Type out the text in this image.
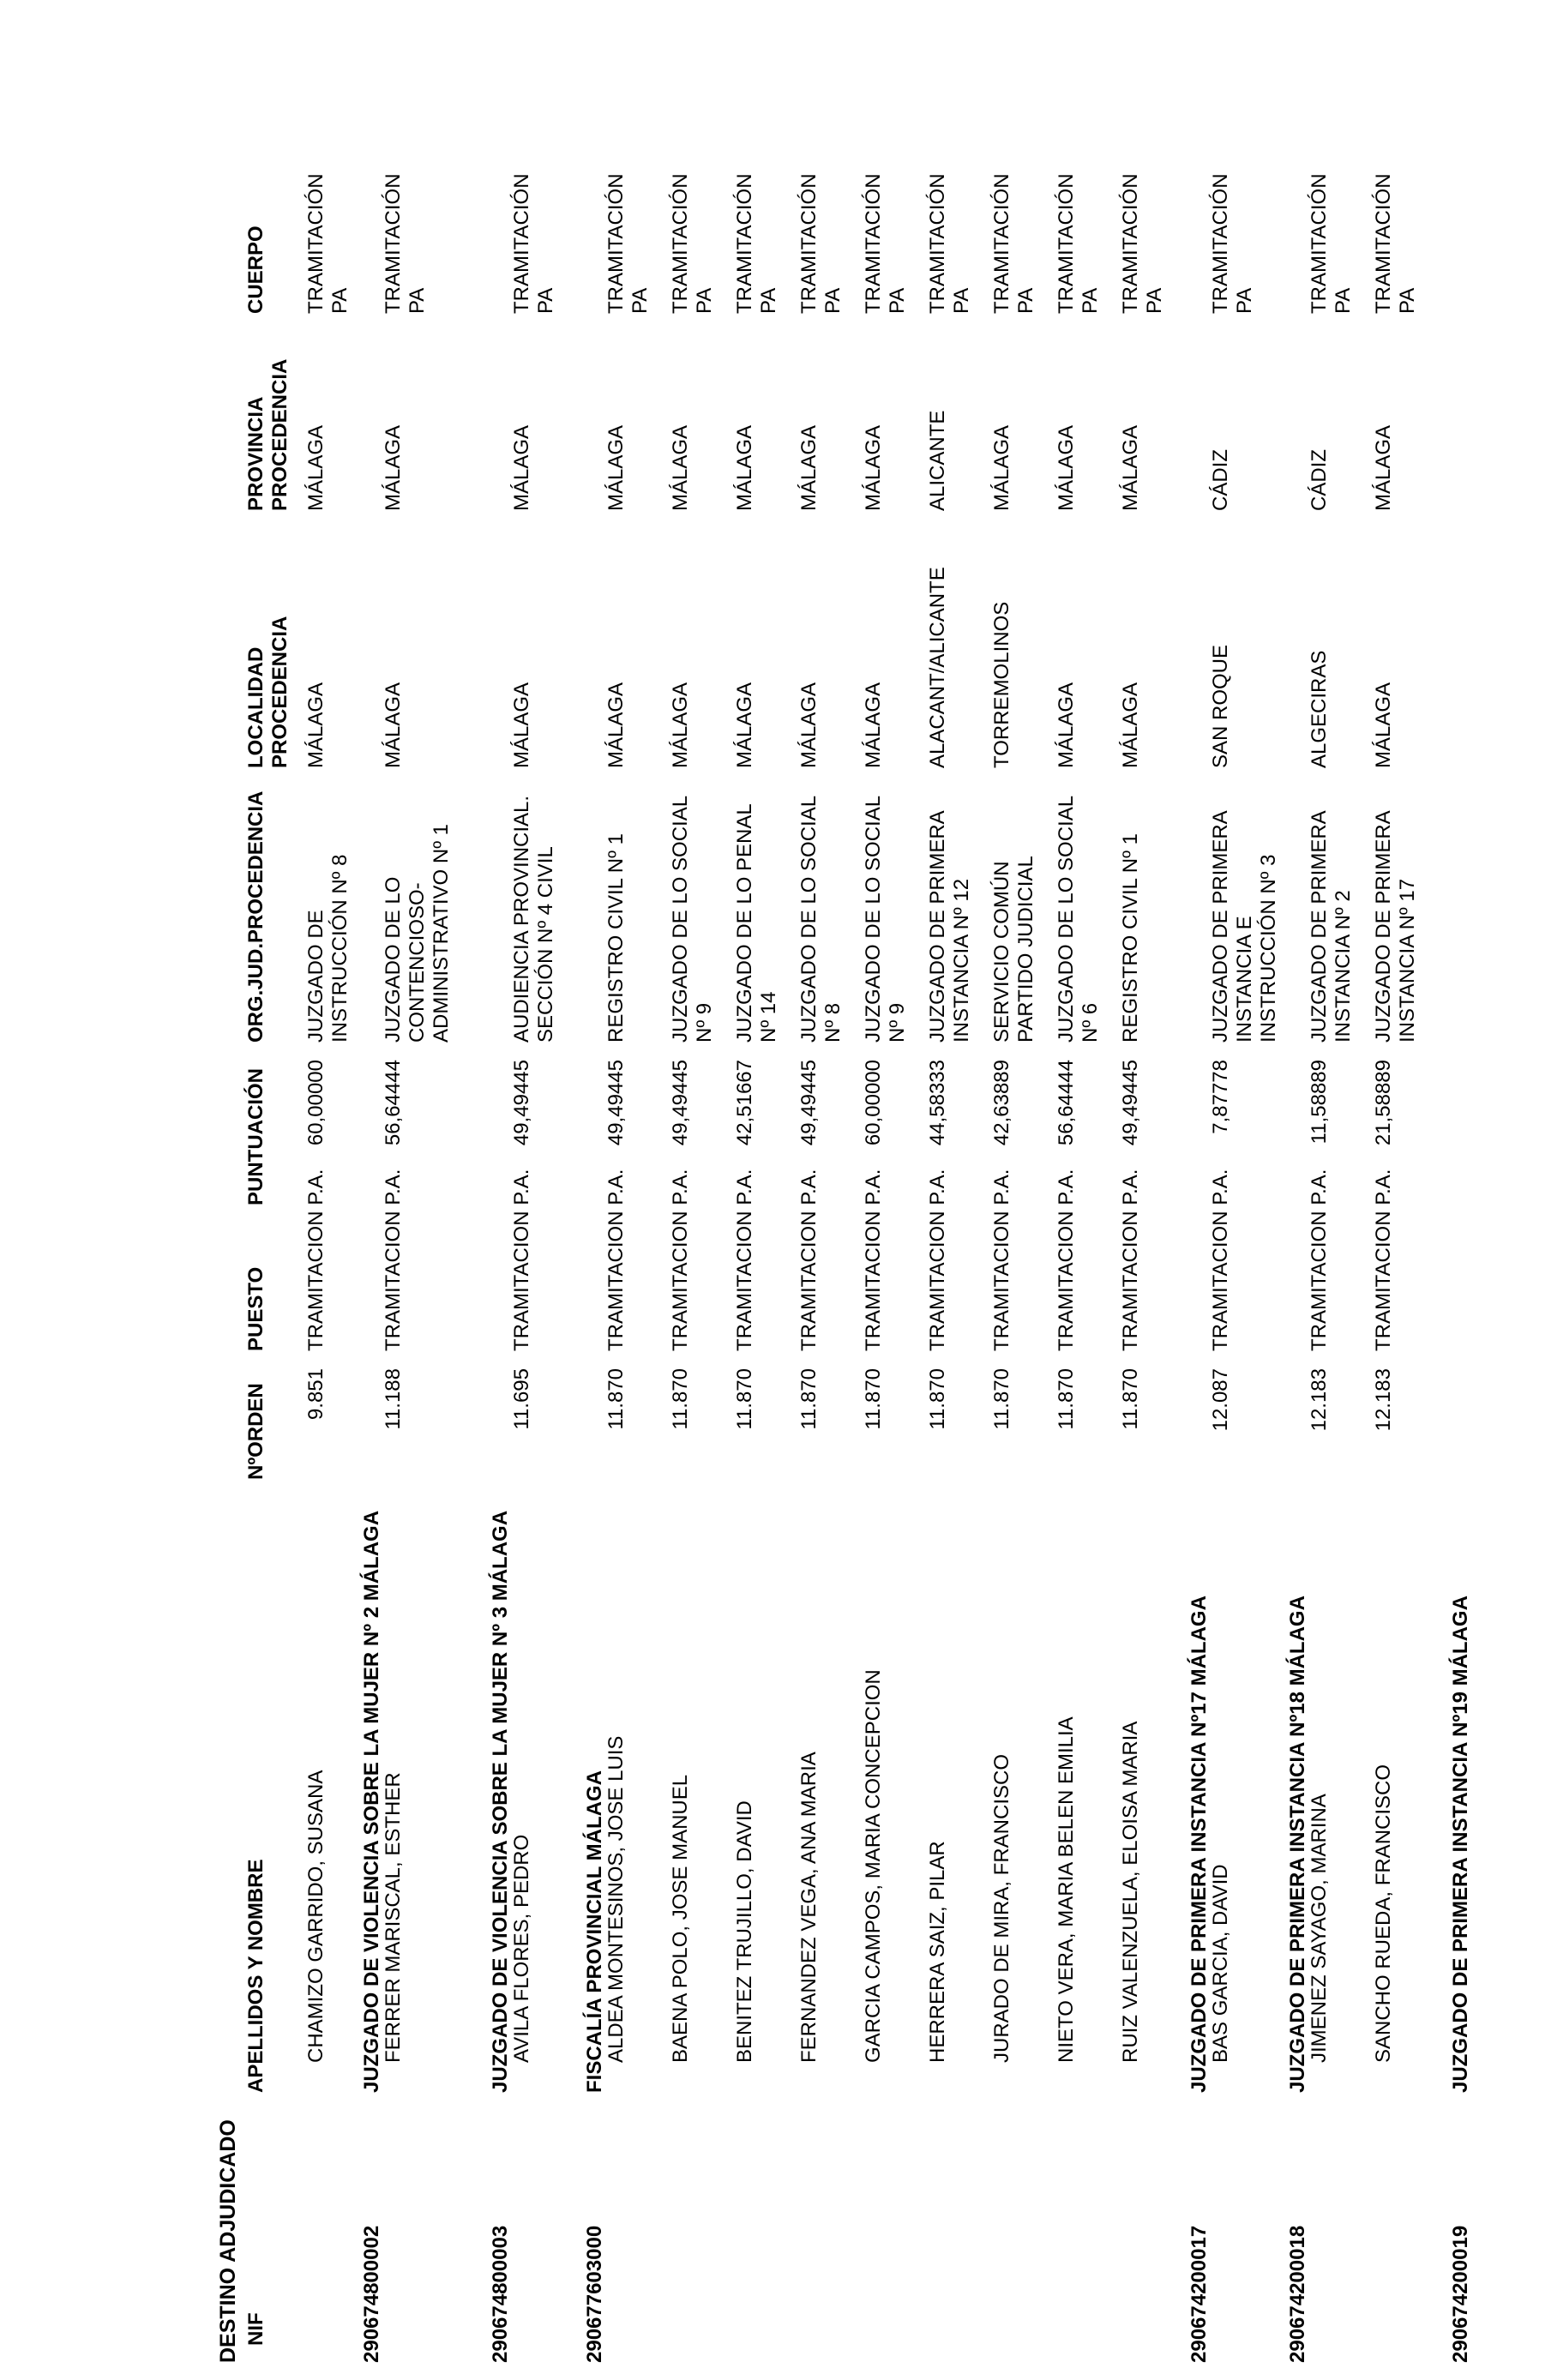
DESTINO ADJUDICADO NIF
APELLIDOS Y NOMBRE
NºORDEN
PUESTO
PUNTUACIÓN
ORG.JUD.PROCEDENCIA
LOCALIDAD PROCEDENCIA
PROVINCIA PROCEDENCIA
CUERPO
CHAMIZO GARRIDO, SUSANA
9.851
TRAMITACION P.A.
60,00000
JUZGADO DE INSTRUCCIÓN Nº 8
MÁLAGA
MÁLAGA
TRAMITACIÓN PA
290674800002
JUZGADO DE VIOLENCIA SOBRE LA MUJER Nº 2 MÁLAGA
FERRER MARISCAL, ESTHER
11.188
TRAMITACION P.A.
56,64444
JUZGADO DE LO CONTENCIOSO-ADMINISTRATIVO Nº 1
MÁLAGA
MÁLAGA
TRAMITACIÓN PA
290674800003
JUZGADO DE VIOLENCIA SOBRE LA MUJER Nº 3 MÁLAGA
AVILA FLORES, PEDRO
11.695
TRAMITACION P.A.
49,49445
AUDIENCIA PROVINCIAL. SECCIÓN Nº 4 CIVIL
MÁLAGA
MÁLAGA
TRAMITACIÓN PA
290677603000
FISCALÍA PROVINCIAL MÁLAGA
ALDEA MONTESINOS, JOSE LUIS
11.870
TRAMITACION P.A.
49,49445
REGISTRO CIVIL Nº 1
MÁLAGA
MÁLAGA
TRAMITACIÓN PA
BAENA POLO, JOSE MANUEL
11.870
TRAMITACION P.A.
49,49445
JUZGADO DE LO SOCIAL Nº 9
MÁLAGA
MÁLAGA
TRAMITACIÓN PA
BENITEZ TRUJILLO, DAVID
11.870
TRAMITACION P.A.
42,51667
JUZGADO DE LO PENAL Nº 14
MÁLAGA
MÁLAGA
TRAMITACIÓN PA
FERNANDEZ VEGA, ANA MARIA
11.870
TRAMITACION P.A.
49,49445
JUZGADO DE LO SOCIAL Nº 8
MÁLAGA
MÁLAGA
TRAMITACIÓN PA
GARCIA CAMPOS, MARIA CONCEPCION
11.870
TRAMITACION P.A.
60,00000
JUZGADO DE LO SOCIAL Nº 9
MÁLAGA
MÁLAGA
TRAMITACIÓN PA
HERRERA SAIZ, PILAR
11.870
TRAMITACION P.A.
44,58333
JUZGADO DE PRIMERA INSTANCIA Nº 12
ALACANT/ALICANTE
ALICANTE
TRAMITACIÓN PA
JURADO DE MIRA, FRANCISCO
11.870
TRAMITACION P.A.
42,63889
SERVICIO COMÚN PARTIDO JUDICIAL
TORREMOLINOS
MÁLAGA
TRAMITACIÓN PA
NIETO VERA, MARIA BELEN EMILIA
11.870
TRAMITACION P.A.
56,64444
JUZGADO DE LO SOCIAL Nº 6
MÁLAGA
MÁLAGA
TRAMITACIÓN PA
RUIZ VALENZUELA, ELOISA MARIA
11.870
TRAMITACION P.A.
49,49445
REGISTRO CIVIL Nº 1
MÁLAGA
MÁLAGA
TRAMITACIÓN PA
290674200017
JUZGADO DE PRIMERA INSTANCIA Nº17 MÁLAGA
BAS GARCIA, DAVID
12.087
TRAMITACION P.A.
7,87778
JUZGADO DE PRIMERA INSTANCIA E INSTRUCCIÓN Nº 3
SAN ROQUE
CÁDIZ
TRAMITACIÓN PA
290674200018
JUZGADO DE PRIMERA INSTANCIA Nº18 MÁLAGA
JIMENEZ SAYAGO, MARINA
12.183
TRAMITACION P.A.
11,58889
JUZGADO DE PRIMERA INSTANCIA Nº 2
ALGECIRAS
CÁDIZ
TRAMITACIÓN PA
SANCHO RUEDA, FRANCISCO
12.183
TRAMITACION P.A.
21,58889
JUZGADO DE PRIMERA INSTANCIA Nº 17
MÁLAGA
MÁLAGA
TRAMITACIÓN PA
290674200019
JUZGADO DE PRIMERA INSTANCIA Nº19 MÁLAGA
